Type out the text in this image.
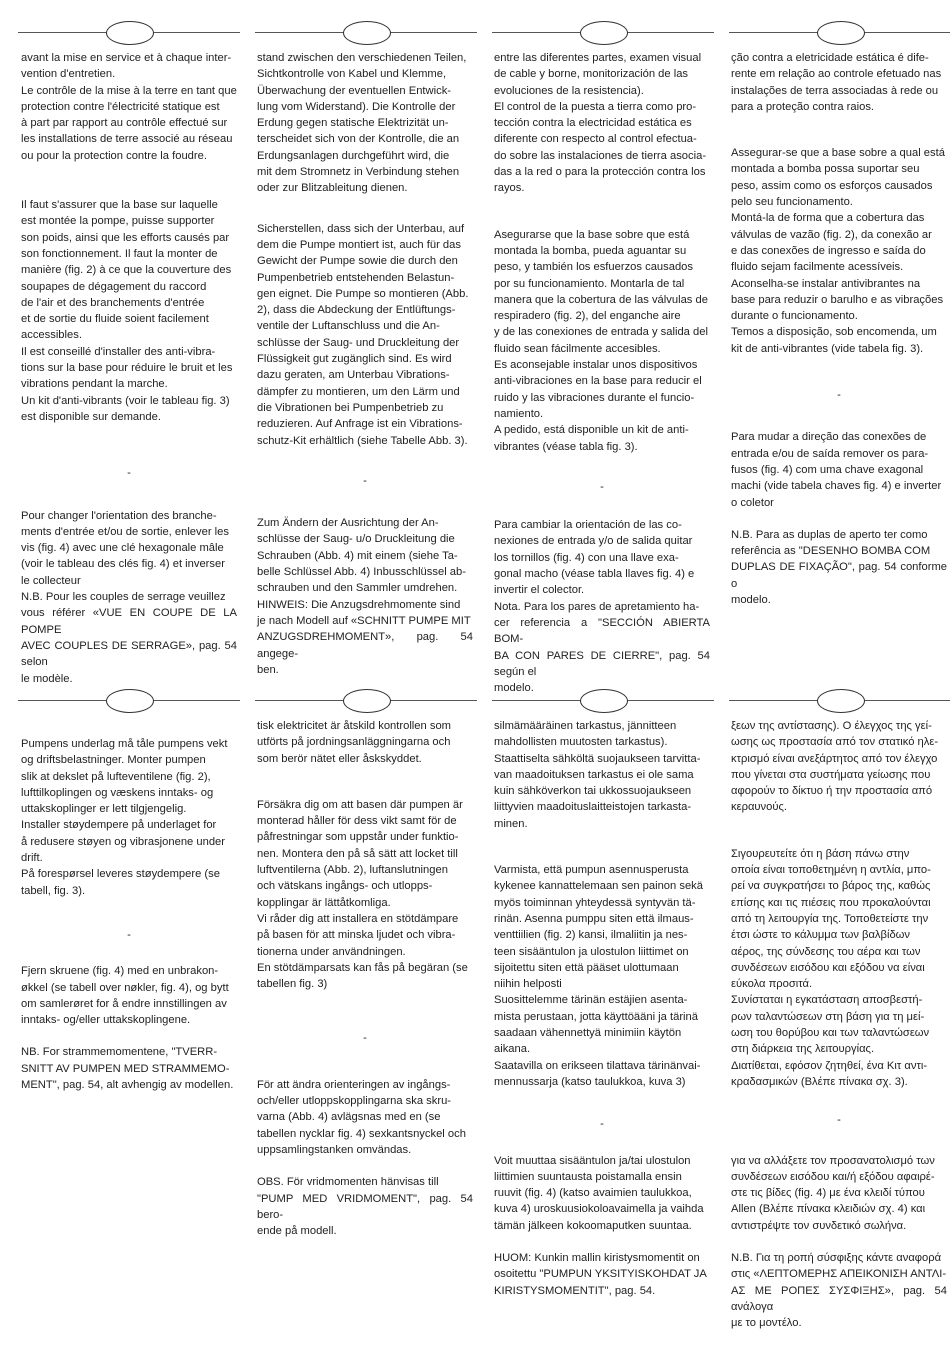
avant la mise en service et à chaque inter-
vention d'entretien.
Le contrôle de la mise à la terre en tant que
protection contre l'électricité statique est
à part par rapport au contrôle effectué sur
les installations de terre associé au réseau
ou pour la protection contre la foudre.

Il faut s'assurer que la base sur laquelle
est montée la pompe, puisse supporter
son poids, ainsi que les efforts causés par
son fonctionnement. Il faut la monter de
manière (fig. 2) à ce que la couverture des
soupapes de dégagement du raccord
de l'air et des branchements d'entrée
et de sortie du fluide soient facilement
accessibles.
Il est conseillé d'installer des anti-vibra-
tions sur la base pour réduire le bruit et les
vibrations pendant la marche.
Un kit d'anti-vibrants (voir le tableau fig. 3)
est disponible sur demande.

-

Pour changer l'orientation des branche-
ments d'entrée et/ou de sortie, enlever les
vis (fig. 4) avec une clé hexagonale mâle
(voir le tableau des clés fig. 4) et inverser
le collecteur
N.B. Pour les couples de serrage veuillez
vous référer «VUE EN COUPE DE LA POMPE
AVEC COUPLES DE SERRAGE», pag. 54 selon
le modèle.

stand zwischen den verschiedenen Teilen,
Sichtkontrolle von Kabel und Klemme,
Überwachung der eventuellen Entwick-
lung vom Widerstand). Die Kontrolle der
Erdung gegen statische Elektrizität un-
terscheidet sich von der Kontrolle, die an
Erdungsanlagen durchgeführt wird, die
mit dem Stromnetz in Verbindung stehen
oder zur Blitzableitung dienen.

Sicherstellen, dass sich der Unterbau, auf
dem die Pumpe montiert ist, auch für das
Gewicht der Pumpe sowie die durch den
Pumpenbetrieb entstehenden Belastun-
gen eignet. Die Pumpe so montieren (Abb.
2), dass die Abdeckung der Entlüftungs-
ventile der Luftanschluss und die An-
schlüsse der Saug- und Druckleitung der
Flüssigkeit gut zugänglich sind. Es wird
dazu geraten, am Unterbau Vibrations-
dämpfer zu montieren, um den Lärm und
die Vibrationen bei Pumpenbetrieb zu
reduzieren. Auf Anfrage ist ein Vibrations-
schutz-Kit erhältlich (siehe Tabelle Abb. 3).

-

Zum Ändern der Ausrichtung der An-
schlüsse der Saug- u/o Druckleitung die
Schrauben (Abb. 4) mit einem (siehe Ta-
belle Schlüssel Abb. 4) Inbusschlüssel ab-
schrauben und den Sammler umdrehen.
HINWEIS: Die Anzugsdrehmomente sind
je nach Modell auf «SCHNITT PUMPE MIT
ANZUGSDREHMOMENT», pag. 54 angege-
ben.

entre las diferentes partes, examen visual
de cable y borne, monitorización de las
evoluciones de la resistencia).
El control de la puesta a tierra como pro-
tección contra la electricidad estática es
diferente con respecto al control efectua-
do sobre las instalaciones de tierra asocia-
das a la red o para la protección contra los
rayos.

Asegurarse que la base sobre que está
montada la bomba, pueda aguantar su
peso, y también los esfuerzos causados
por su funcionamiento. Montarla de tal
manera que la cobertura de las válvulas de
respiradero (fig. 2), del enganche aire
y de las conexiones de entrada y salida del
fluido sean fácilmente accesibles.
Es aconsejable instalar unos dispositivos
anti-vibraciones en la base para reducir el
ruido y las vibraciones durante el funcio-
namiento.
A pedido, está disponible un kit de anti-
vibrantes (véase tabla fig. 3).

-

Para cambiar la orientación de las co-
nexiones de entrada y/o de salida quitar
los tornillos (fig. 4) con una llave exa-
gonal macho (véase tabla llaves fig. 4) e
invertir el colector.
Nota. Para los pares de apretamiento ha-
cer referencia a "SECCIÓN ABIERTA BOM-
BA CON PARES DE CIERRE", pag. 54 según el
modelo.

ção contra a eletricidade estática é dife-
rente em relação ao controle efetuado nas
instalações de terra associadas à rede ou
para a proteção contra raios.

Assegurar-se que a base sobre a qual está
montada a bomba possa suportar seu
peso, assim como os esforços causados
pelo seu funcionamento.
Montá-la de forma que a cobertura das
válvulas de vazão (fig. 2), da conexão ar
e das conexões de ingresso e saída do
fluido sejam facilmente acessíveis.
Aconselha-se instalar antivibrantes na
base para reduzir o barulho e as vibrações
durante o funcionamento.
Temos a disposição, sob encomenda, um
kit de anti-vibrantes (vide tabela fig. 3).

-

Para mudar a direção das conexões de
entrada e/ou de saída remover os para-
fusos (fig. 4) com uma chave exagonal
machi (vide tabela chaves fig. 4) e inverter
o coletor

N.B. Para as duplas de aperto ter como
referência as "DESENHO BOMBA COM
DUPLAS DE FIXAÇÃO", pag. 54 conforme o
modelo.

Pumpens underlag må tåle pumpens vekt
og driftsbelastninger. Monter pumpen
slik at dekslet på lufteventilene (fig. 2),
lufttilkoplingen og væskens inntaks- og
uttakskoplinger er lett tilgjengelig.
Installer støydempere på underlaget for
å redusere støyen og vibrasjonene under
drift.
På forespørsel leveres støydempere (se
tabell, fig. 3).

-

Fjern skruene (fig. 4) med en unbrakon-
økkel (se tabell over nøkler, fig. 4), og bytt
om samlerøret for å endre innstillingen av
inntaks- og/eller uttakskoplingene.

NB. For strammemomentene, "TVERR-
SNITT AV PUMPEN MED STRAMMEMO-
MENT", pag. 54, alt avhengig av modellen.

tisk elektricitet är åtskild kontrollen som
utförts på jordningsanläggningarna och
som berör nätet eller åskskyddet.

Försäkra dig om att basen där pumpen är
monterad håller för dess vikt samt för de
påfrestningar som uppstår under funktio-
nen. Montera den på så sätt att locket till
luftventilerna (Abb. 2), luftanslutningen
och vätskans ingångs- och utlopps-
kopplingar är lättåtkomliga.
Vi råder dig att installera en stötdämpare
på basen för att minska ljudet och vibra-
tionerna under användningen.
En stötdämparsats kan fås på begäran (se
tabellen fig. 3)

-

För att ändra orienteringen av ingångs-
och/eller utloppskopplingarna ska skru-
varna (Abb. 4) avlägsnas med en (se
tabellen nycklar fig. 4) sexkantsnyckel och
uppsamlingstanken omvändas.

OBS. För vridmomenten hänvisas till
"PUMP MED VRIDMOMENT", pag. 54 bero-
ende på modell.

silmämääräinen tarkastus, jännitteen
mahdollisten muutosten tarkastus).
Staattiselta sähköltä suojaukseen tarvitta-
van maadoituksen tarkastus ei ole sama
kuin sähköverkon tai ukkossuojaukseen
liittyvien maadoituslaitteistojen tarkasta-
minen.

Varmista, että pumpun asennusperusta
kykenee kannattelemaan sen painon sekä
myös toiminnan yhteydessä syntyvän tä-
rinän. Asenna pumppu siten että ilmaus-
venttiilien (fig. 2) kansi, ilmaliitin ja nes-
teen sisääntulon ja ulostulon liittimet on
sijoitettu siten että pääset ulottumaan
niihin helposti
Suosittelemme tärinän estäjien asenta-
mista perustaan, jotta käyttöääni ja tärinä
saadaan vähennettyä minimiin käytön
aikana.
Saatavilla on erikseen tilattava tärinänvai-
mennussarja (katso taulukkoa, kuva 3)

-

Voit muuttaa sisääntulon ja/tai ulostulon
liittimien suuntausta poistamalla ensin
ruuvit (fig. 4) (katso avaimien taulukkoa,
kuva 4) uroskuusiokoloavaimella ja vaihda
tämän jälkeen kokoomaputken suuntaa.

HUOM: Kunkin mallin kiristysmomentit on
osoitettu "PUMPUN YKSITYISKOHDAT JA
KIRISTYSMOMENTIT", pag. 54.

ξεων της αντίστασης). Ο έλεγχος της γεί-
ωσης ως προστασία από τον στατικό ηλε-
κτρισμό είναι ανεξάρτητος από τον έλεγχο
που γίνεται στα συστήματα γείωσης που
αφορούν το δίκτυο ή την προστασία από
κεραυνούς.

Σιγουρευτείτε ότι η βάση πάνω στην
οποία είναι τοποθετημένη η αντλία, μπο-
ρεί να συγκρατήσει το βάρος της, καθώς
επίσης και τις πιέσεις που προκαλούνται
από τη λειτουργία της. Τοποθετείστε την
έτσι ώστε το κάλυμμα των βαλβίδων
αέρος, της σύνδεσης του αέρα και των
συνδέσεων εισόδου και εξόδου να είναι
εύκολα προσιτά.
Συνίσταται η εγκατάσταση αποσβεστή-
ρων ταλαντώσεων στη βάση για τη μεί-
ωση του θορύβου και των ταλαντώσεων
στη διάρκεια της λειτουργίας.
Διατίθεται, εφόσον ζητηθεί, ένα Κιτ αντι-
κραδασμικών (Βλέπε πίνακα σχ. 3).

-

για να αλλάξετε τον προσανατολισμό των
συνδέσεων εισόδου και/ή εξόδου αφαιρέ-
στε τις βίδες (fig. 4) με ένα κλειδί τύπου
Allen (Βλέπε πίνακα κλειδιών σχ. 4) και
αντιστρέψτε τον συνδετικό σωλήνα.

N.B. Για τη ροπή σύσφιξης κάντε αναφορά
στις «ΛΕΠΤΟΜΕΡΗΣ ΑΠΕΙΚΟΝΙΣΗ ΑΝΤΛΙ-
ΑΣ ΜΕ ΡΟΠΕΣ ΣΥΣΦΙΞΗΣ», pag. 54 ανάλογα
με το μοντέλο.
